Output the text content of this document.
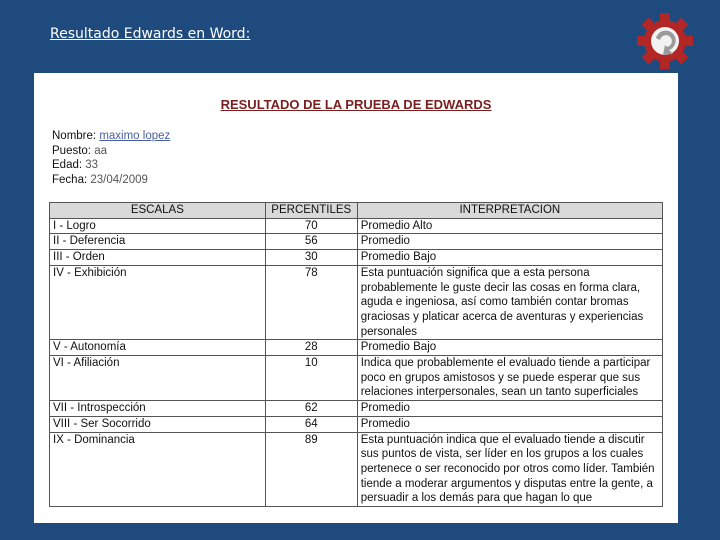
Resultado Edwards en Word:
RESULTADO DE LA PRUEBA DE EDWARDS
Nombre: maximo lopez
Puesto: aa
Edad: 33
Fecha: 23/04/2009
ESCALAS	PERCENTILES	INTERPRETACION
I - Logro	70	Promedio Alto
II - Deferencia	56	Promedio
III - Orden	30	Promedio Bajo
IV - Exhibición	78	Esta puntuación significa que a esta persona probablemente le guste decir las cosas en forma clara, aguda e ingeniosa, así como también contar bromas graciosas y platicar acerca de aventuras y experiencias personales
V - Autonomía	28	Promedio Bajo
VI - Afiliación	10	Indica que probablemente el evaluado tiende a participar poco en grupos amistosos y se puede esperar que sus relaciones interpersonales, sean un tanto superficiales
VII - Introspección	62	Promedio
VIII - Ser Socorrido	64	Promedio
IX - Dominancia	89	Esta puntuación indica que el evaluado tiende a discutir sus puntos de vista, ser líder en los grupos a los cuales pertenece o ser reconocido por otros como líder. También tiende a moderar argumentos y disputas entre la gente, a persuadir a los demás para que hagan lo que
